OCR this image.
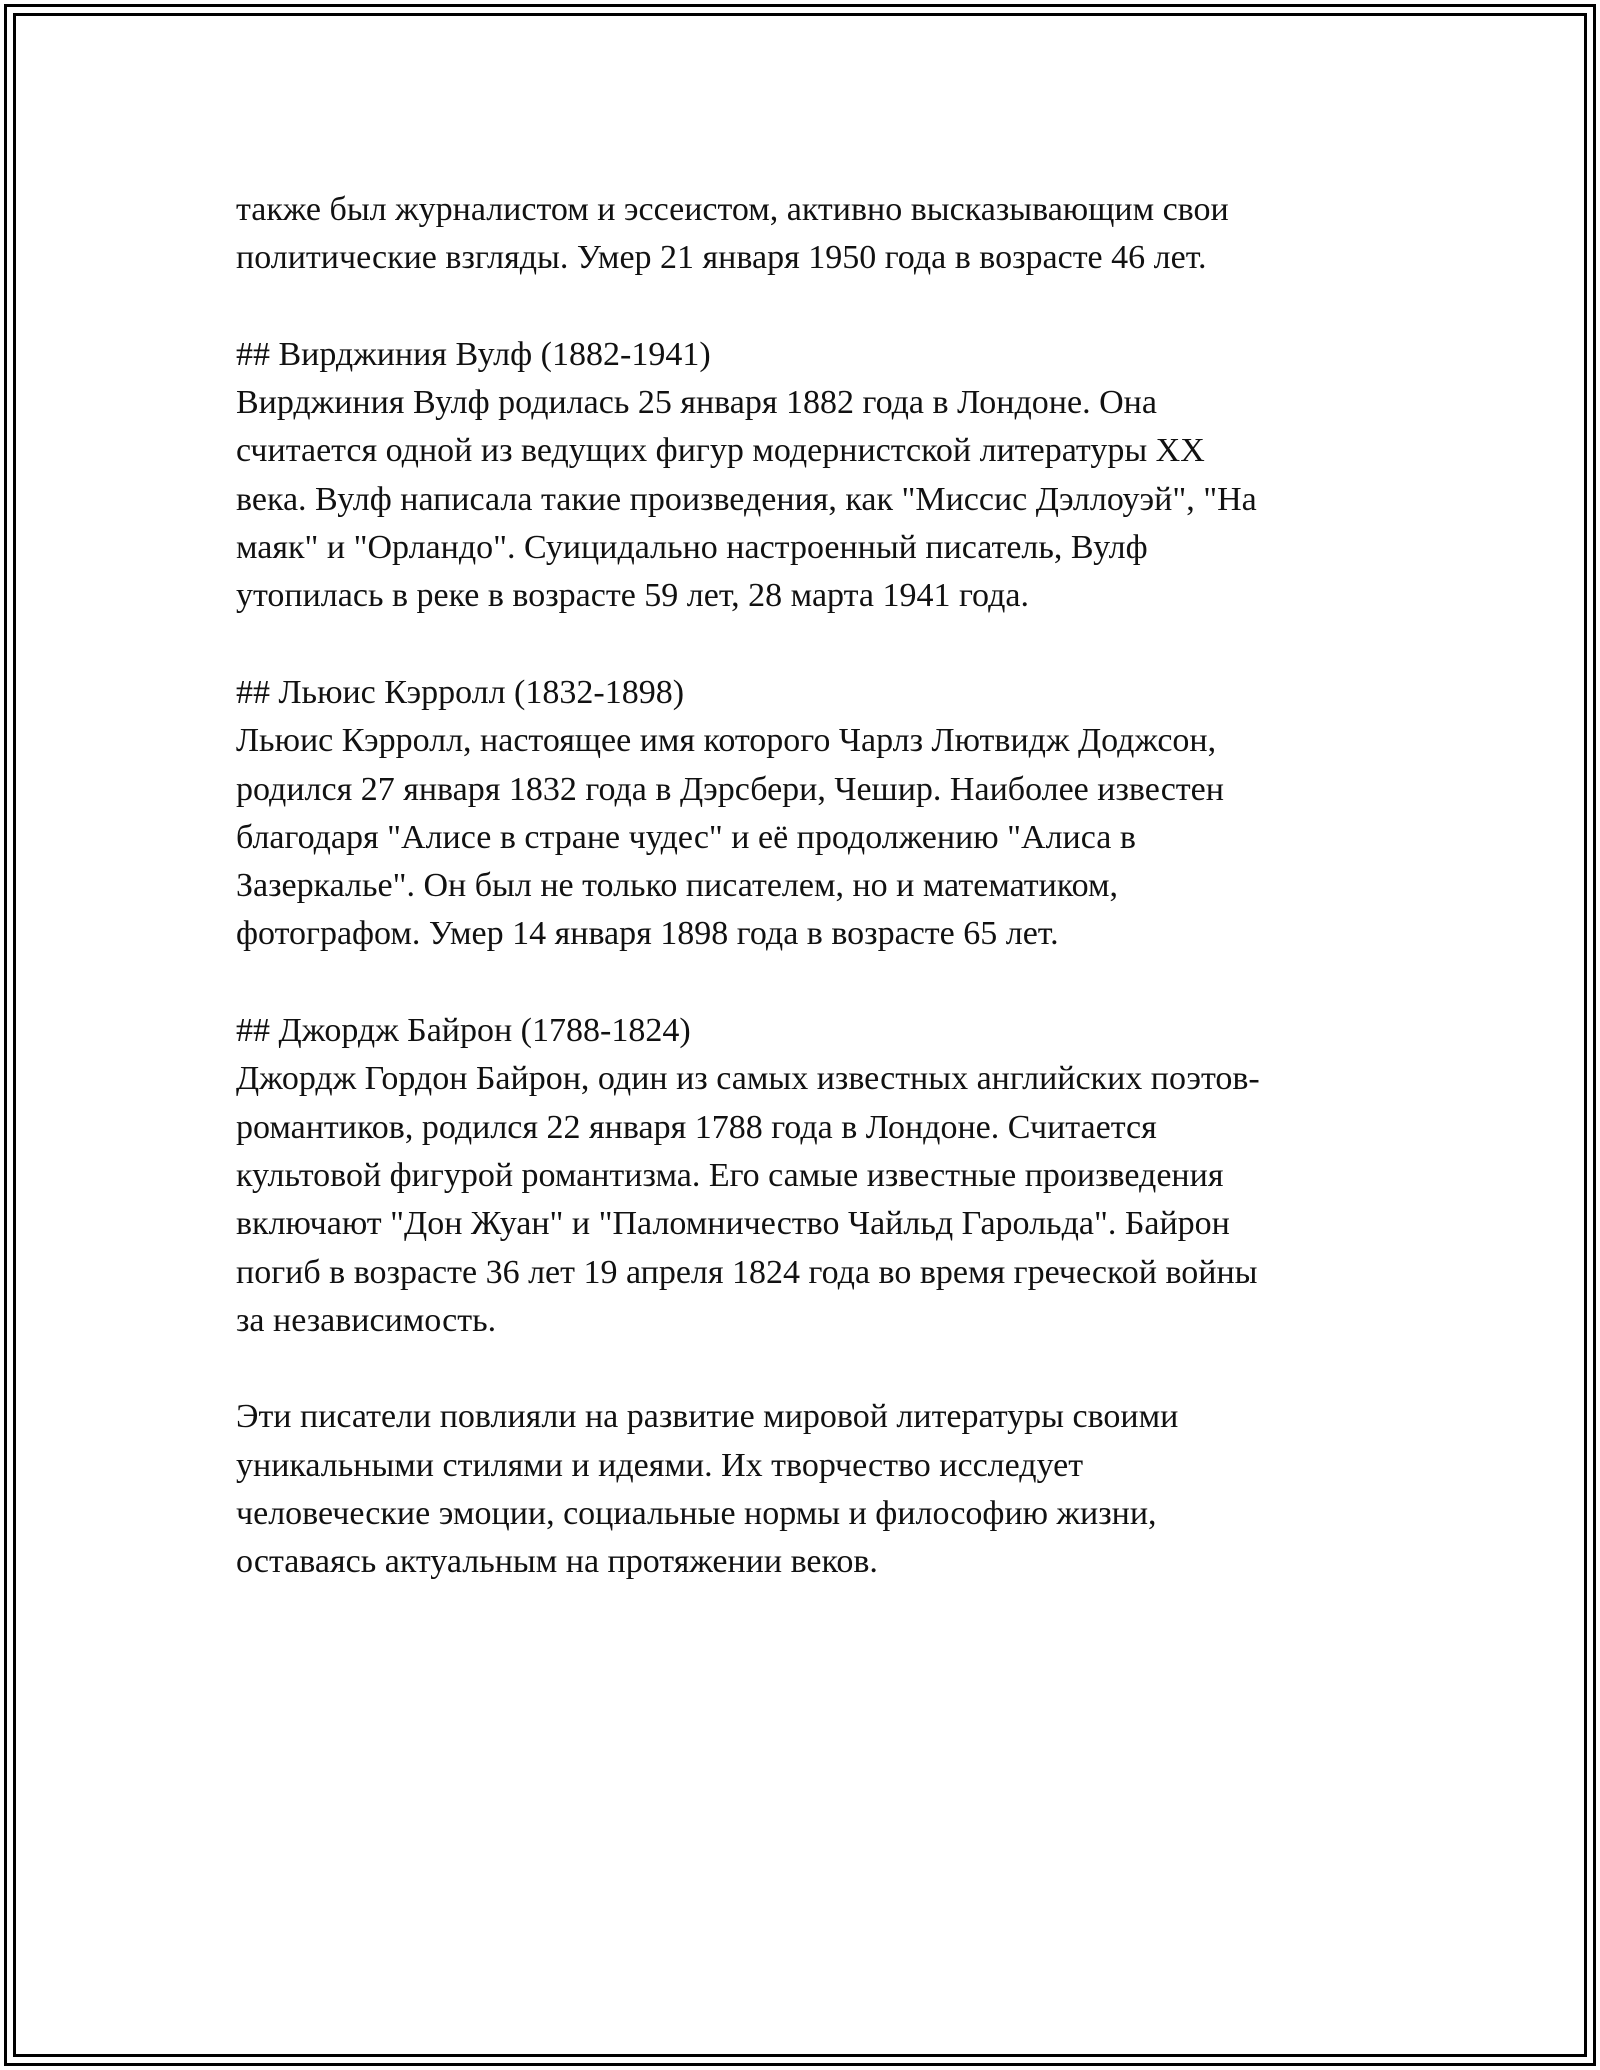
также был журналистом и эссеистом, активно высказывающим свои
политические взгляды. Умер 21 января 1950 года в возрасте 46 лет.

## Вирджиния Вулф (1882-1941)

Вирджиния Вулф родилась 25 января 1882 года в Лондоне. Она
считается одной из ведущих фигур модернистской литературы XX
века. Вулф написала такие произведения, как "Миссис Дэллоуэй", "На
маяк" и "Орландо". Суицидально настроенный писатель, Вулф
утопилась в реке в возрасте 59 лет, 28 марта 1941 года.

## Льюис Кэрролл (1832-1898)

Льюис Кэрролл, настоящее имя которого Чарлз Лютвидж Доджсон,
родился 27 января 1832 года в Дэрсбери, Чешир. Наиболее известен
благодаря "Алисе в стране чудес" и её продолжению "Алиса в
Зазеркалье". Он был не только писателем, но и математиком,
фотографом. Умер 14 января 1898 года в возрасте 65 лет.

## Джордж Байрон (1788-1824)

Джордж Гордон Байрон, один из самых известных английских поэтов-
романтиков, родился 22 января 1788 года в Лондоне. Считается
культовой фигурой романтизма. Его самые известные произведения
включают "Дон Жуан" и "Паломничество Чайльд Гарольда". Байрон
погиб в возрасте 36 лет 19 апреля 1824 года во время греческой войны
за независимость.

Эти писатели повлияли на развитие мировой литературы своими
уникальными стилями и идеями. Их творчество исследует
человеческие эмоции, социальные нормы и философию жизни,
оставаясь актуальным на протяжении веков.
